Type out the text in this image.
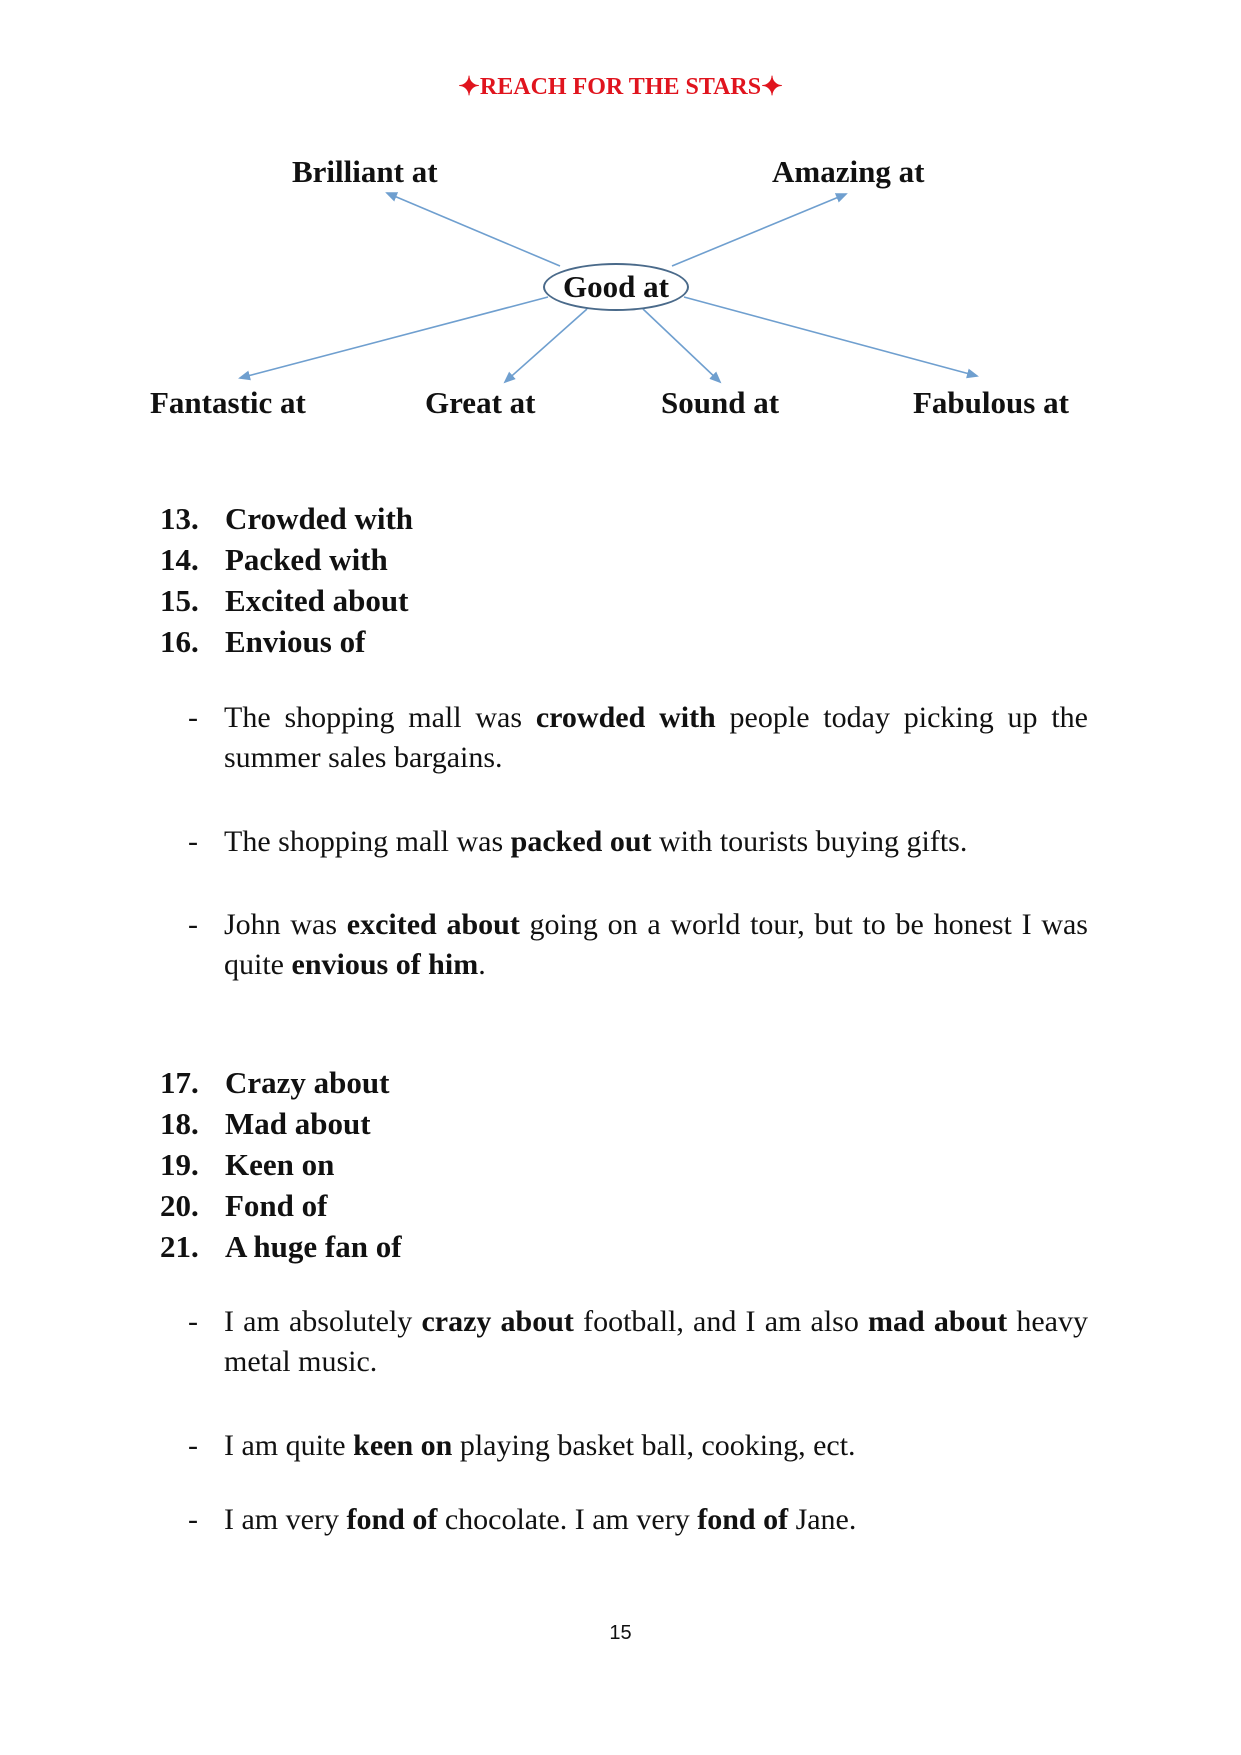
✦REACH FOR THE STARS✦
Good at
Brilliant at	Amazing at
Fantastic at	Great at	Sound at	Fabulous at
13. Crowded with
14. Packed with
15. Excited about
16. Envious of
- The shopping mall was crowded with people today picking up the summer sales bargains.
- The shopping mall was packed out with tourists buying gifts.
- John was excited about going on a world tour, but to be honest I was quite envious of him.
17. Crazy about
18. Mad about
19. Keen on
20. Fond of
21. A huge fan of
- I am absolutely crazy about football, and I am also mad about heavy metal music.
- I am quite keen on playing basket ball, cooking, ect.
- I am very fond of chocolate. I am very fond of Jane.
15
